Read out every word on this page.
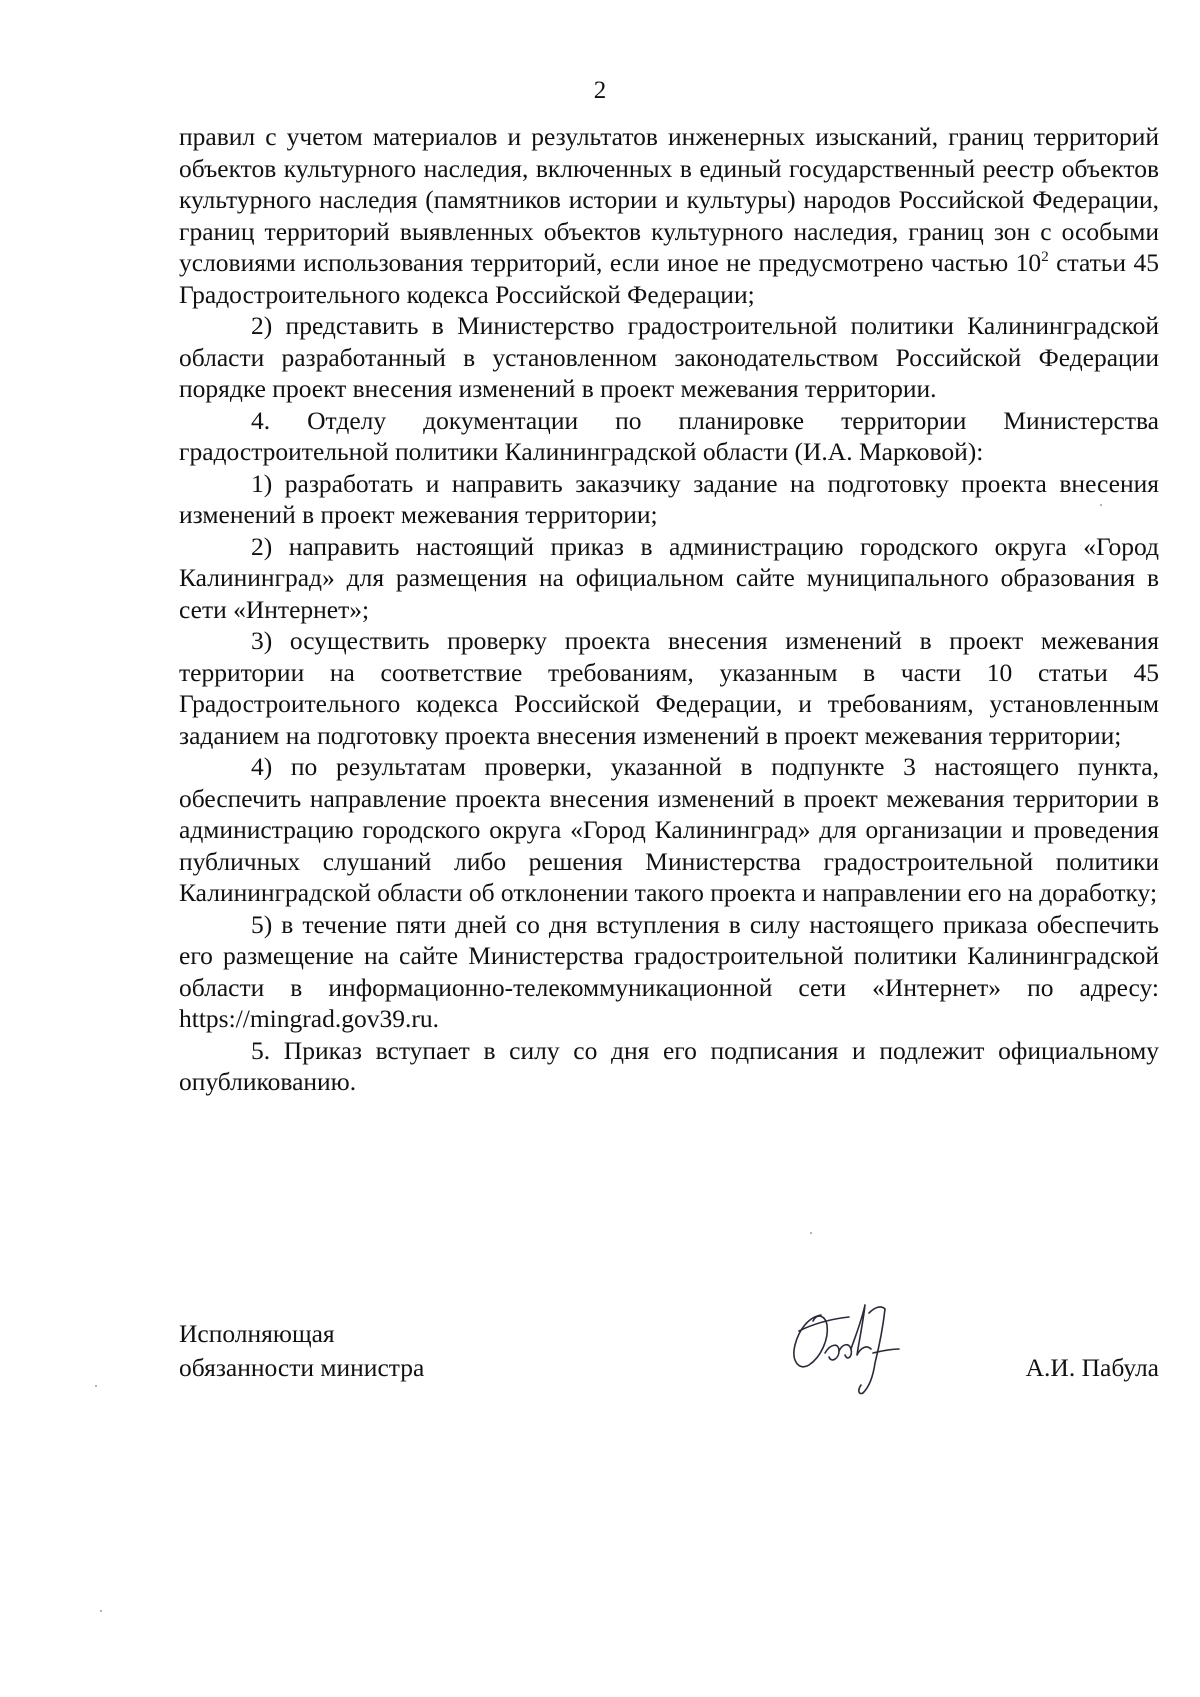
2

правил с учетом материалов и результатов инженерных изысканий, границ территорий объектов культурного наследия, включенных в единый государственный реестр объектов культурного наследия (памятников истории и культуры) народов Российской Федерации, границ территорий выявленных объектов культурного наследия, границ зон с особыми условиями использования территорий, если иное не предусмотрено частью $10^2$ статьи 45 Градостроительного кодекса Российской Федерации;

2) представить в Министерство градостроительной политики Калининградской области разработанный в установленном законодательством Российской Федерации порядке проект внесения изменений в проект межевания территории.

4. Отделу документации по планировке территории Министерства градостроительной политики Калининградской области (И.А. Марковой):

1) разработать и направить заказчику задание на подготовку проекта внесения изменений в проект межевания территории;

2) направить настоящий приказ в администрацию городского округа «Город Калининград» для размещения на официальном сайте муниципального образования в сети «Интернет»;

3) осуществить проверку проекта внесения изменений в проект межевания территории на соответствие требованиям, указанным в части 10 статьи 45 Градостроительного кодекса Российской Федерации, и требованиям, установленным заданием на подготовку проекта внесения изменений в проект межевания территории;

4) по результатам проверки, указанной в подпункте 3 настоящего пункта, обеспечить направление проекта внесения изменений в проект межевания территории в администрацию городского округа «Город Калининград» для организации и проведения публичных слушаний либо решения Министерства градостроительной политики Калининградской области об отклонении такого проекта и направлении его на доработку;

5) в течение пяти дней со дня вступления в силу настоящего приказа обеспечить его размещение на сайте Министерства градостроительной политики Калининградской области в информационно-телекоммуникационной сети «Интернет» по адресу: https://mingrad.gov39.ru.

5. Приказ вступает в силу со дня его подписания и подлежит официальному опубликованию.

Исполняющая
обязанности министра	А.И. Пабула
